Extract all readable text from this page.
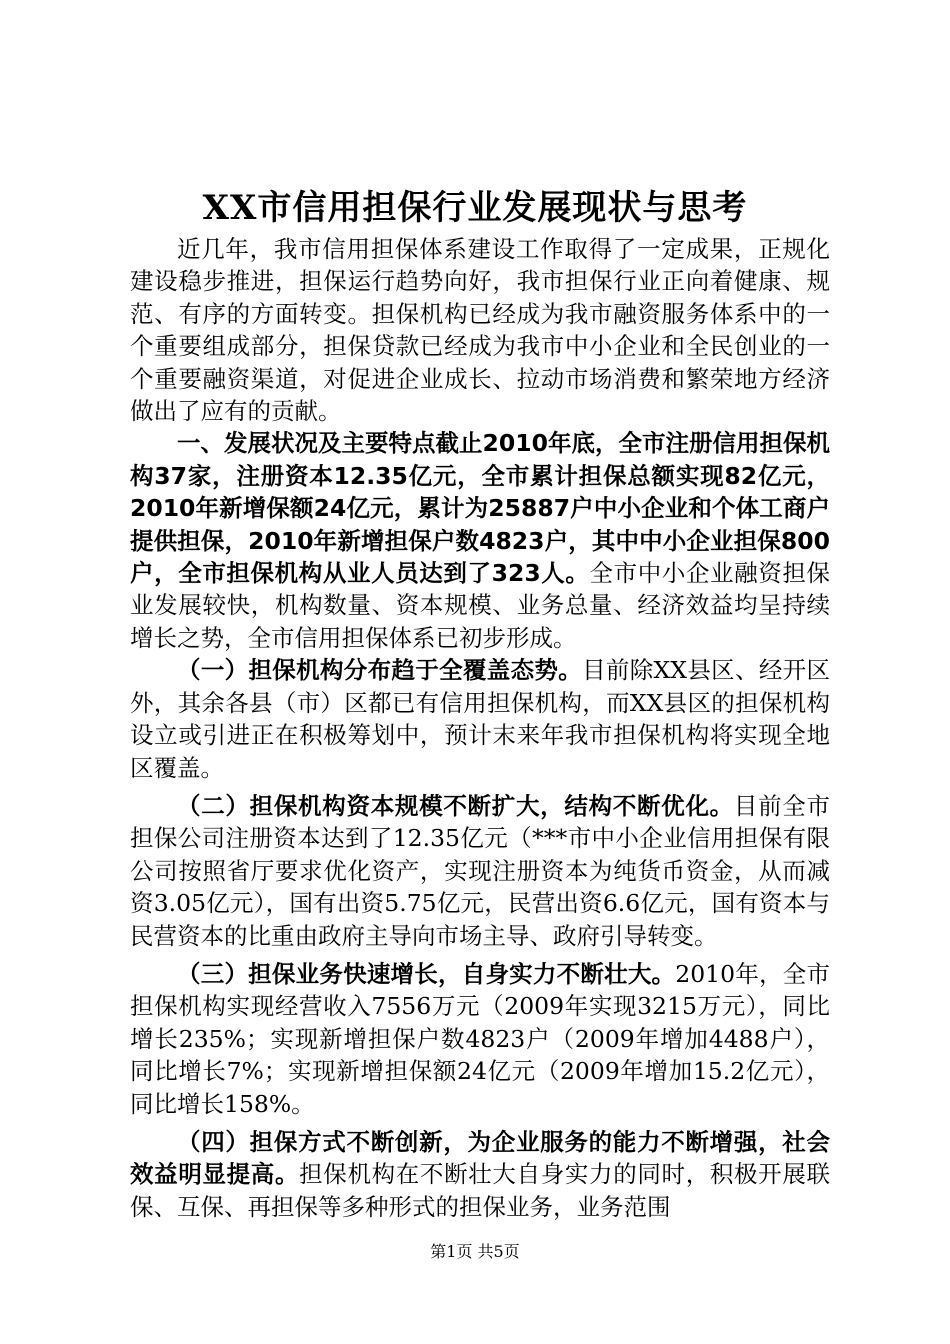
XX市信用担保行业发展现状与思考

近几年，我市信用担保体系建设工作取得了一定成果，正规化建设稳步推进，担保运行趋势向好，我市担保行业正向着健康、规范、有序的方面转变。担保机构已经成为我市融资服务体系中的一个重要组成部分，担保贷款已经成为我市中小企业和全民创业的一个重要融资渠道，对促进企业成长、拉动市场消费和繁荣地方经济做出了应有的贡献。

一、发展状况及主要特点截止2010年底，全市注册信用担保机构37家，注册资本12.35亿元，全市累计担保总额实现82亿元，2010年新增保额24亿元，累计为25887户中小企业和个体工商户提供担保，2010年新增担保户数4823户，其中中小企业担保800户，全市担保机构从业人员达到了323人。全市中小企业融资担保业发展较快，机构数量、资本规模、业务总量、经济效益均呈持续增长之势，全市信用担保体系已初步形成。

（一）担保机构分布趋于全覆盖态势。目前除XX县区、经开区外，其余各县（市）区都已有信用担保机构，而XX县区的担保机构设立或引进正在积极筹划中，预计末来年我市担保机构将实现全地区覆盖。

（二）担保机构资本规模不断扩大，结构不断优化。目前全市担保公司注册资本达到了12.35亿元（***市中小企业信用担保有限公司按照省厅要求优化资产，实现注册资本为纯货币资金，从而减资3.05亿元），国有出资5.75亿元，民营出资6.6亿元，国有资本与民营资本的比重由政府主导向市场主导、政府引导转变。

（三）担保业务快速增长，自身实力不断壮大。2010年，全市担保机构实现经营收入7556万元（2009年实现3215万元），同比增长235%；实现新增担保户数4823户（2009年增加4488户），同比增长7%；实现新增担保额24亿元（2009年增加15.2亿元），同比增长158%。

（四）担保方式不断创新，为企业服务的能力不断增强，社会效益明显提高。担保机构在不断壮大自身实力的同时，积极开展联保、互保、再担保等多种形式的担保业务，业务范围

第1页 共5页
